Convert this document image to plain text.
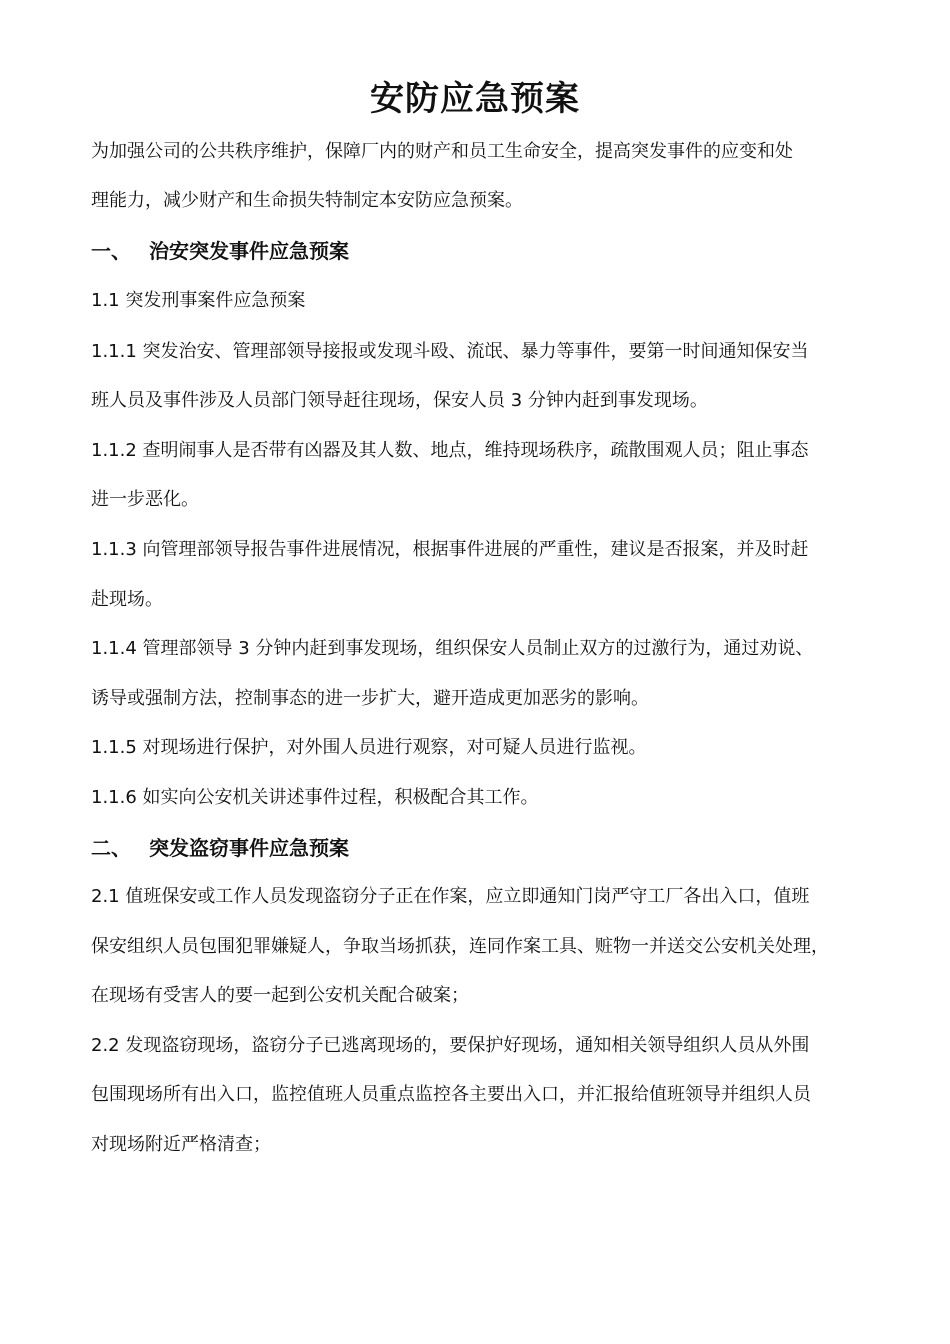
安防应急预案
为加强公司的公共秩序维护，保障厂内的财产和员工生命安全，提高突发事件的应变和处
理能力，减少财产和生命损失特制定本安防应急预案。
一、 治安突发事件应急预案
1.1 突发刑事案件应急预案
1.1.1 突发治安、管理部领导接报或发现斗殴、流氓、暴力等事件，要第一时间通知保安当
班人员及事件涉及人员部门领导赶往现场，保安人员 3 分钟内赶到事发现场。
1.1.2 查明闹事人是否带有凶器及其人数、地点，维持现场秩序，疏散围观人员；阻止事态
进一步恶化。
1.1.3 向管理部领导报告事件进展情况，根据事件进展的严重性，建议是否报案，并及时赶
赴现场。
1.1.4 管理部领导 3 分钟内赶到事发现场，组织保安人员制止双方的过激行为，通过劝说、
诱导或强制方法，控制事态的进一步扩大，避开造成更加恶劣的影响。
1.1.5 对现场进行保护，对外围人员进行观察，对可疑人员进行监视。
1.1.6 如实向公安机关讲述事件过程，积极配合其工作。
二、 突发盗窃事件应急预案
2.1 值班保安或工作人员发现盗窃分子正在作案，应立即通知门岗严守工厂各出入口，值班
保安组织人员包围犯罪嫌疑人，争取当场抓获，连同作案工具、赃物一并送交公安机关处理，
在现场有受害人的要一起到公安机关配合破案；
2.2 发现盗窃现场，盗窃分子已逃离现场的，要保护好现场，通知相关领导组织人员从外围
包围现场所有出入口，监控值班人员重点监控各主要出入口，并汇报给值班领导并组织人员
对现场附近严格清查；
